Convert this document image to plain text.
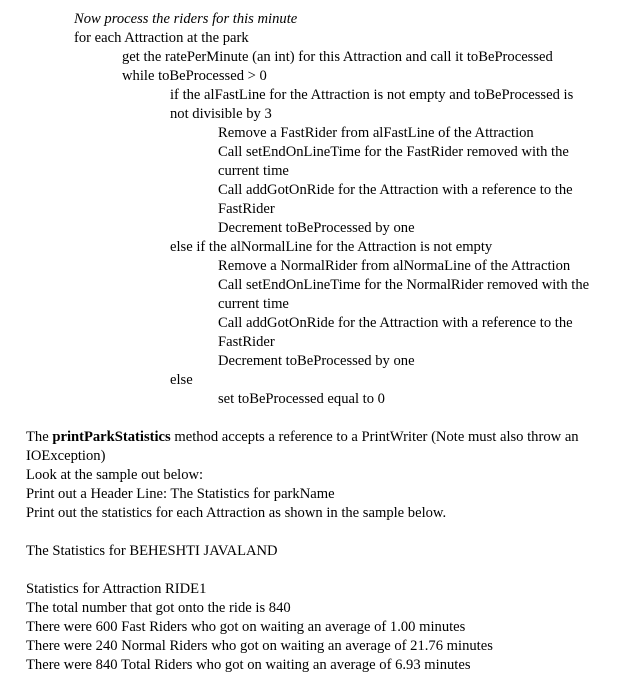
Now process the riders for this minute
for each Attraction at the park
get the ratePerMinute (an int) for this Attraction and call it toBeProcessed
while toBeProcessed > 0
if the alFastLine for the Attraction is not empty and toBeProcessed is
not divisible by 3
Remove a FastRider from alFastLine of the Attraction
Call setEndOnLineTime for the FastRider removed with the
current time
Call addGotOnRide for the Attraction with a reference to the
FastRider
Decrement toBeProcessed by one
else if the alNormalLine for the Attraction is not empty
Remove a NormalRider from alNormaLine of the Attraction
Call setEndOnLineTime for the NormalRider removed with the
current time
Call addGotOnRide for the Attraction with a reference to the
FastRider
Decrement toBeProcessed by one
else
set toBeProcessed equal to 0
The printParkStatistics method accepts a reference to a PrintWriter (Note must also throw an
IOException)
Look at the sample out below:
Print out a Header Line: The Statistics for parkName
Print out the statistics for each Attraction as shown in the sample below.
The Statistics for BEHESHTI JAVALAND
Statistics for Attraction RIDE1
The total number that got onto the ride is 840
There were 600 Fast Riders who got on waiting an average of 1.00 minutes
There were 240 Normal Riders who got on waiting an average of 21.76 minutes
There were 840 Total Riders who got on waiting an average of 6.93 minutes
